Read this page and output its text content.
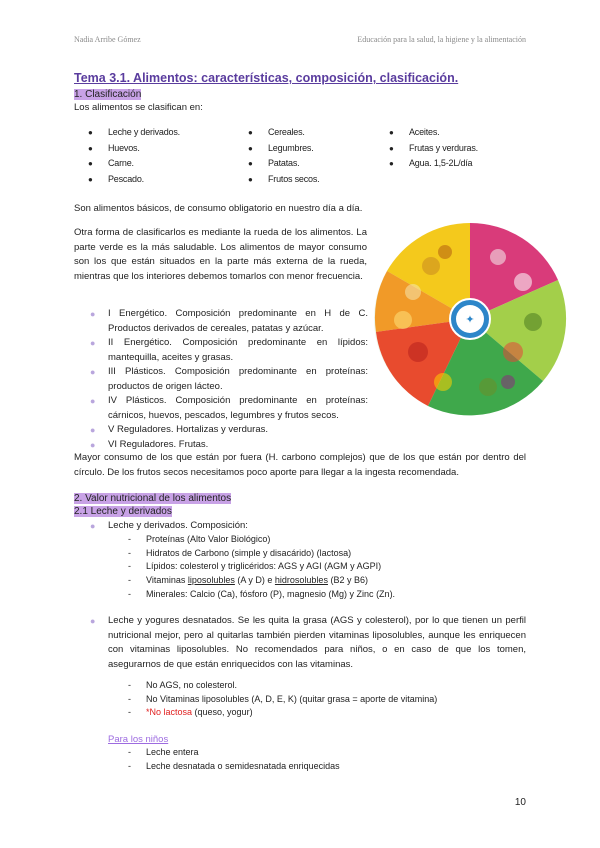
Nadia Arribe Gómez	Educación para la salud, la higiene y la alimentación
Tema 3.1. Alimentos: características, composición, clasificación.
1. Clasificación
Los alimentos se clasifican en:
● Leche y derivados.
● Huevos.
● Carne.
● Pescado.
● Cereales.
● Legumbres.
● Patatas.
● Frutos secos.
● Aceites.
● Frutas y verduras.
● Agua. 1,5-2L/día
Son alimentos básicos, de consumo obligatorio en nuestro día a día.
Otra forma de clasificarlos es mediante la rueda de los alimentos. La parte verde es la más saludable. Los alimentos de mayor consumo son los que están situados en la parte más externa de la rueda, mientras que los interiores debemos tomarlos con menor frecuencia.
✦
● I Energético. Composición predominante en H de C. Productos derivados de cereales, patatas y azúcar.
● II Energético. Composición predominante en lípidos: mantequilla, aceites y grasas.
● III Plásticos. Composición predominante en proteínas: productos de origen lácteo.
● IV Plásticos. Composición predominante en proteínas: cárnicos, huevos, pescados, legumbres y frutos secos.
● V Reguladores. Hortalizas y verduras.
● VI Reguladores. Frutas.
Mayor consumo de los que están por fuera (H. carbono complejos) que de los que están por dentro del círculo. De los frutos secos necesitamos poco aporte para llegar a la ingesta recomendada.
2. Valor nutricional de los alimentos
2.1 Leche y derivados
● Leche y derivados. Composición:
- Proteínas (Alto Valor Biológico)
- Hidratos de Carbono (simple y disacárido) (lactosa)
- Lípidos: colesterol y triglicéridos: AGS y AGI (AGM y AGPI)
- Vitaminas liposolubles (A y D) e hidrosolubles (B2 y B6)
- Minerales: Calcio (Ca), fósforo (P), magnesio (Mg) y Zinc (Zn).
● Leche y yogures desnatados. Se les quita la grasa (AGS y colesterol), por lo que tienen un perfil nutricional mejor, pero al quitarlas también pierden vitaminas liposolubles, aunque les enriquecen con vitaminas liposolubles. No recomendados para niños, o en caso de que los tomen, asegurarnos de que están enriquecidos con las vitaminas.
- No AGS, no colesterol.
- No Vitaminas liposolubles (A, D, E, K) (quitar grasa = aporte de vitamina)
- *No lactosa (queso, yogur)
Para los niños
- Leche entera
- Leche desnatada o semidesnatada enriquecidas
10
